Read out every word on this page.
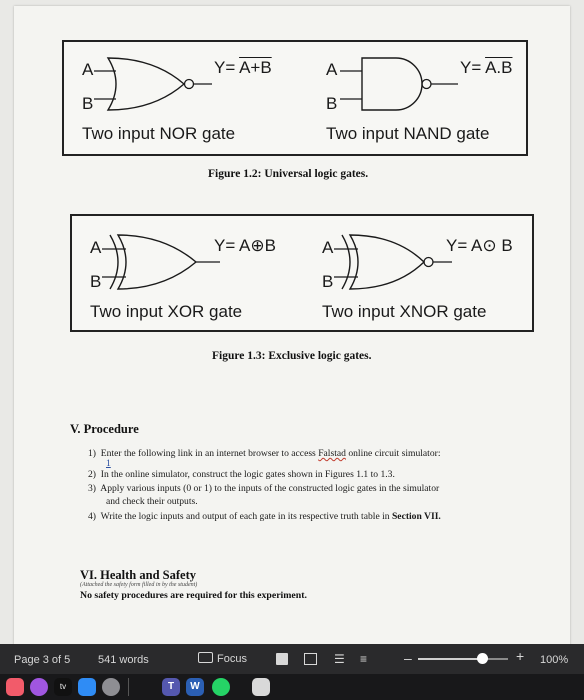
A
B
Y= A+B
Two input NOR gate
A
B
Y= A.B
Two input NAND gate
Figure 1.2: Universal logic gates.
A
B
Y= A⊕B
Two input XOR gate
A
B
Y= A⊙ B
Two input XNOR gate
Figure 1.3: Exclusive logic gates.
V. Procedure
1) Enter the following link in an internet browser to access Falstad online circuit simulator:
1
2) In the online simulator, construct the logic gates shown in Figures 1.1 to 1.3.
3) Apply various inputs (0 or 1) to the inputs of the constructed logic gates in the simulator
and check their outputs.
4) Write the logic inputs and output of each gate in its respective truth table in Section VII.
VI. Health and Safety
(Attached the safety form filled in by the student)
No safety procedures are required for this experiment.
Page 3 of 5	541 words	Focus	☰ ≡	–	+ 100%
tv	T	W
